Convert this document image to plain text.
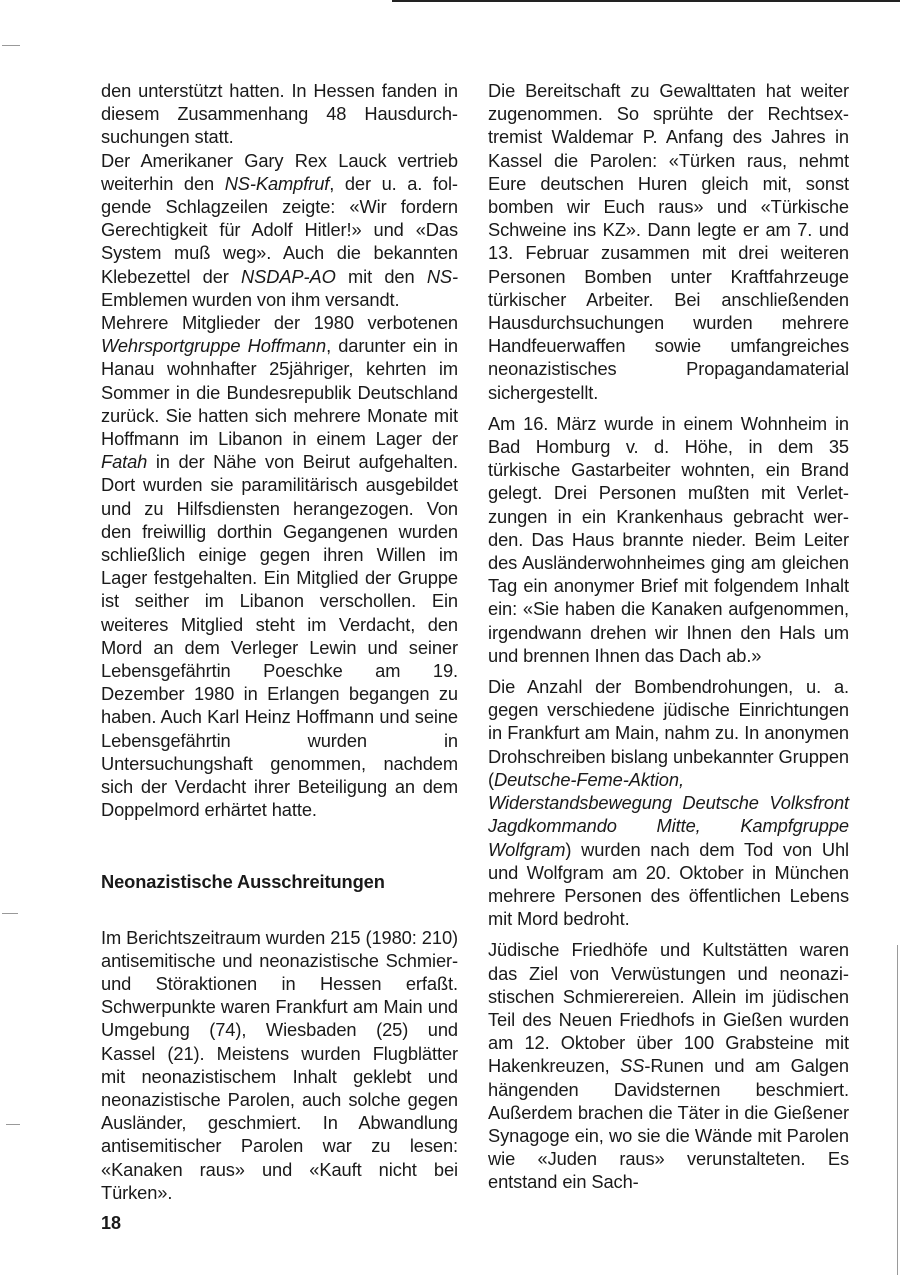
den unterstützt hatten. In Hessen fanden in diesem Zusammenhang 48 Hausdurchsuchungen statt.

Der Amerikaner Gary Rex Lauck vertrieb weiterhin den NS-Kampfruf, der u. a. folgende Schlagzeilen zeigte: «Wir fordern Gerechtigkeit für Adolf Hitler!» und «Das System muß weg». Auch die bekannten Klebezettel der NSDAP-AO mit den NS-Emblemen wurden von ihm versandt.

Mehrere Mitglieder der 1980 verbotenen Wehrsportgruppe Hoffmann, darunter ein in Hanau wohnhafter 25jähriger, kehrten im Sommer in die Bundesrepublik Deutschland zurück. Sie hatten sich mehrere Monate mit Hoffmann im Libanon in einem Lager der Fatah in der Nähe von Beirut aufgehalten. Dort wurden sie paramilitärisch ausgebildet und zu Hilfsdiensten herangezogen. Von den freiwillig dorthin Gegangenen wurden schließlich einige gegen ihren Willen im Lager festgehalten. Ein Mitglied der Gruppe ist seither im Libanon verschollen. Ein weiteres Mitglied steht im Verdacht, den Mord an dem Verleger Lewin und seiner Lebensgefährtin Poeschke am 19. Dezember 1980 in Erlangen begangen zu haben. Auch Karl Heinz Hoffmann und seine Lebensgefährtin wurden in Untersuchungshaft genommen, nachdem sich der Verdacht ihrer Beteiligung an dem Doppelmord erhärtet hatte.

Neonazistische Ausschreitungen

Im Berichtszeitraum wurden 215 (1980: 210) antisemitische und neonazistische Schmier- und Störaktionen in Hessen erfaßt. Schwerpunkte waren Frankfurt am Main und Umgebung (74), Wiesbaden (25) und Kassel (21). Meistens wurden Flugblätter mit neonazistischem Inhalt geklebt und neonazistische Parolen, auch solche gegen Ausländer, geschmiert. In Abwandlung antisemitischer Parolen war zu lesen: «Kanaken raus» und «Kauft nicht bei Türken».

Die Bereitschaft zu Gewalttaten hat weiter zugenommen. So sprühte der Rechtsextremist Waldemar P. Anfang des Jahres in Kassel die Parolen: «Türken raus, nehmt Eure deutschen Huren gleich mit, sonst bomben wir Euch raus» und «Türkische Schweine ins KZ». Dann legte er am 7. und 13. Februar zusammen mit drei weiteren Personen Bomben unter Kraftfahrzeuge türkischer Arbeiter. Bei anschließenden Hausdurchsuchungen wurden mehrere Handfeuerwaffen sowie umfangreiches neonazistisches Propagandamaterial sichergestellt.

Am 16. März wurde in einem Wohnheim in Bad Homburg v. d. Höhe, in dem 35 türkische Gastarbeiter wohnten, ein Brand gelegt. Drei Personen mußten mit Verletzungen in ein Krankenhaus gebracht werden. Das Haus brannte nieder. Beim Leiter des Ausländerwohnheimes ging am gleichen Tag ein anonymer Brief mit folgendem Inhalt ein: «Sie haben die Kanaken aufgenommen, irgendwann drehen wir Ihnen den Hals um und brennen Ihnen das Dach ab.»

Die Anzahl der Bombendrohungen, u. a. gegen verschiedene jüdische Einrichtungen in Frankfurt am Main, nahm zu. In anonymen Drohschreiben bislang unbekannter Gruppen (Deutsche-Feme-Aktion, Widerstandsbewegung Deutsche Volksfront Jagdkommando Mitte, Kampfgruppe Wolfgram) wurden nach dem Tod von Uhl und Wolfgram am 20. Oktober in München mehrere Personen des öffentlichen Lebens mit Mord bedroht.

Jüdische Friedhöfe und Kultstätten waren das Ziel von Verwüstungen und neonazistischen Schmierereien. Allein im jüdischen Teil des Neuen Friedhofs in Gießen wurden am 12. Oktober über 100 Grabsteine mit Hakenkreuzen, SS-Runen und am Galgen hängenden Davidsternen beschmiert. Außerdem brachen die Täter in die Gießener Synagoge ein, wo sie die Wände mit Parolen wie «Juden raus» verunstalteten. Es entstand ein Sach-

18
